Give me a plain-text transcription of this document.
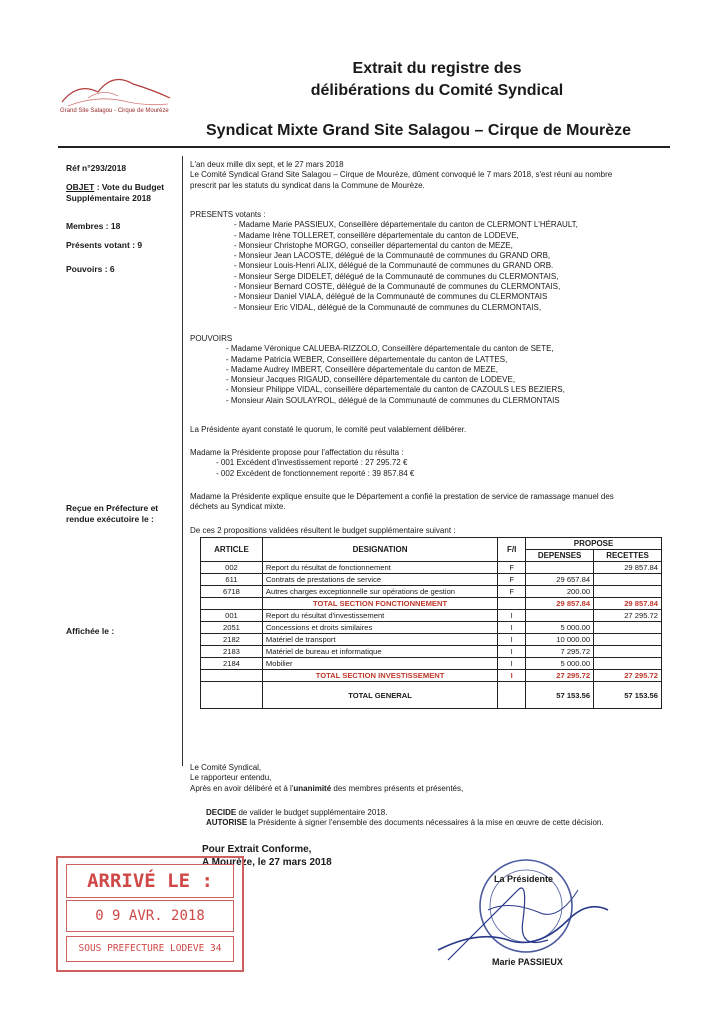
Grand Site Salagou - Cirque de Mourèze
Extrait du registre des
délibérations du Comité Syndical
Syndicat Mixte Grand Site Salagou – Cirque de Mourèze
Réf n°293/2018
OBJET : Vote du Budget
Supplémentaire 2018
Membres : 18
Présents votant : 9
Pouvoirs : 6
Reçue en Préfecture et
rendue exécutoire le :
Affichée le :

L'an deux mille dix sept, et le 27 mars 2018

Le Comité Syndical Grand Site Salagou – Cirque de Mourèze, dûment convoqué le 7 mars 2018, s'est réuni au nombre

prescrit par les statuts du syndicat dans la Commune de Mourèze.

PRESENTS votants :

- Madame Marie PASSIEUX, Conseillère départementale du canton de CLERMONT L'HÉRAULT,

- Madame Irène TOLLERET, conseillère départementale du canton de LODEVE,

- Monsieur Christophe MORGO, conseiller départemental du canton de MEZE,

- Monsieur Jean LACOSTE, délégué de la Communauté de communes du GRAND ORB,

- Monsieur Louis-Henri ALIX, délégué de la Communauté de communes du GRAND ORB.

- Monsieur Serge DIDELET, délégué de la Communauté de communes du CLERMONTAIS,

- Monsieur Bernard COSTE, délégué de la Communauté de communes du CLERMONTAIS,

- Monsieur Daniel VIALA, délégué de la Communauté de communes du CLERMONTAIS

- Monsieur Eric VIDAL, délégué de la Communauté de communes du CLERMONTAIS,

POUVOIRS

- Madame Véronique CALUEBA-RIZZOLO, Conseillère départementale du canton de SETE,

- Madame Patricia WEBER, Conseillère départementale du canton de LATTES,

- Madame Audrey IMBERT, Conseillère départementale du canton de MEZE,

- Monsieur Jacques RIGAUD, conseillère départementale du canton de LODEVE,

- Monsieur Philippe VIDAL, conseillère départementale du canton de CAZOULS LES BEZIERS,

- Monsieur Alain SOULAYROL, délégué de la Communauté de communes du CLERMONTAIS

La Présidente ayant constaté le quorum, le comité peut valablement délibérer.

Madame la Présidente propose pour l'affectation du résulta :

- 001 Excédent d'investissement reporté : 27 295.72 €

- 002 Excédent de fonctionnement reporté : 39 857.84 €

Madame la Présidente explique ensuite que le Département a confié la prestation de service de ramassage manuel des

déchets au Syndicat mixte.

De ces 2 propositions validées résultent le budget supplémentaire suivant :
ARTICLE	DESIGNATION	F/I	PROPOSE	
			DEPENSES	RECETTES
002	Report du résultat de fonctionnement	F		29 857.84
611	Contrats de prestations de service	F	29 657.84	
6718	Autres charges exceptionnelle sur opérations de gestion	F	200.00	
	TOTAL SECTION FONCTIONNEMENT		29 857.84	29 857.84
001	Report du résultat d'investissement	I		27 295.72
2051	Concessions et droits similaires	I	5 000.00	
2182	Matériel de transport	I	10 000.00	
2183	Matériel de bureau et informatique	I	7 295.72	
2184	Mobilier	I	5 000.00	
	TOTAL SECTION INVESTISSEMENT	I	27 295.72	27 295.72
	TOTAL GENERAL		57 153.56	57 153.56

Le Comité Syndical,

Le rapporteur entendu,

Après en avoir délibéré et à l'unanimité des membres présents et présentés,

DECIDE de valider le budget supplémentaire 2018.

AUTORISE la Présidente à signer l'ensemble des documents nécessaires à la mise en œuvre de cette décision.

Pour Extrait Conforme,
A Mourèze, le 27 mars 2018
La Présidente
Marie PASSIEUX
ARRIVÉ LE :
0 9 AVR. 2018
SOUS PREFECTURE LODEVE 34
